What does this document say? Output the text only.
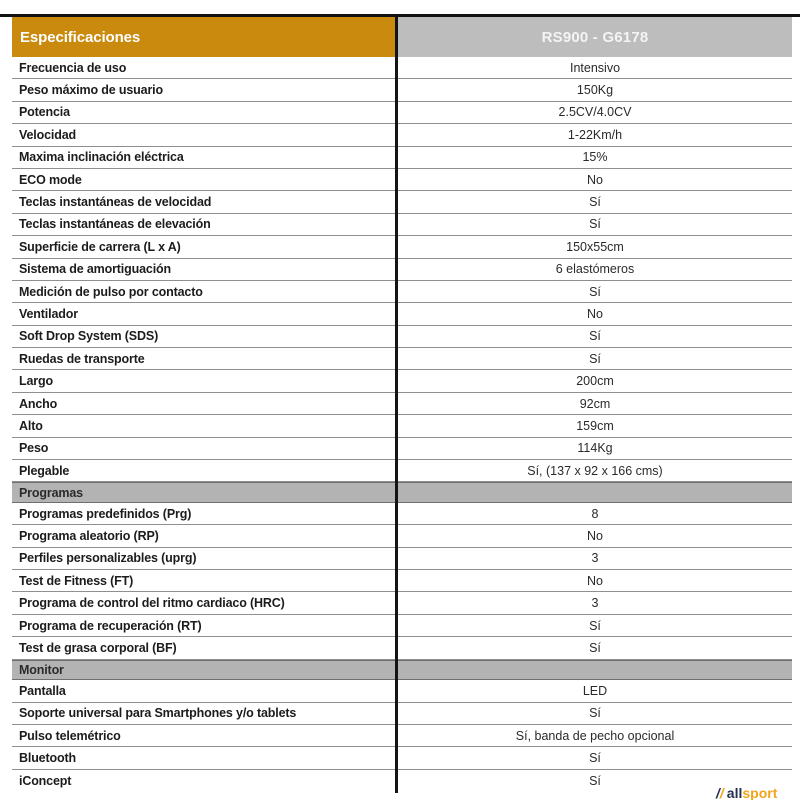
Especificaciones	RS900 - G6178
Frecuencia de uso	Intensivo
Peso máximo de usuario	150Kg
Potencia	2.5CV/4.0CV
Velocidad	1-22Km/h
Maxima inclinación eléctrica	15%
ECO mode	No
Teclas instantáneas de velocidad	Sí
Teclas instantáneas de elevación	Sí
Superficie de carrera (L x A)	150x55cm
Sistema de amortiguación	6 elastómeros
Medición de pulso por contacto	Sí
Ventilador	No
Soft Drop System (SDS)	Sí
Ruedas de transporte	Sí
Largo	200cm
Ancho	92cm
Alto	159cm
Peso	114Kg
Plegable	Sí, (137 x 92 x 166 cms)
Programas
Programas predefinidos (Prg)	8
Programa aleatorio (RP)	No
Perfiles personalizables (uprg)	3
Test de Fitness (FT)	No
Programa de control del ritmo cardiaco (HRC)	3
Programa de recuperación (RT)	Sí
Test de grasa corporal (BF)	Sí
Monitor
Pantalla	LED
Soporte universal para Smartphones y/o tablets	Sí
Pulso telemétrico	Sí, banda de pecho opcional
Bluetooth	Sí
iConcept	Sí
// all sport
